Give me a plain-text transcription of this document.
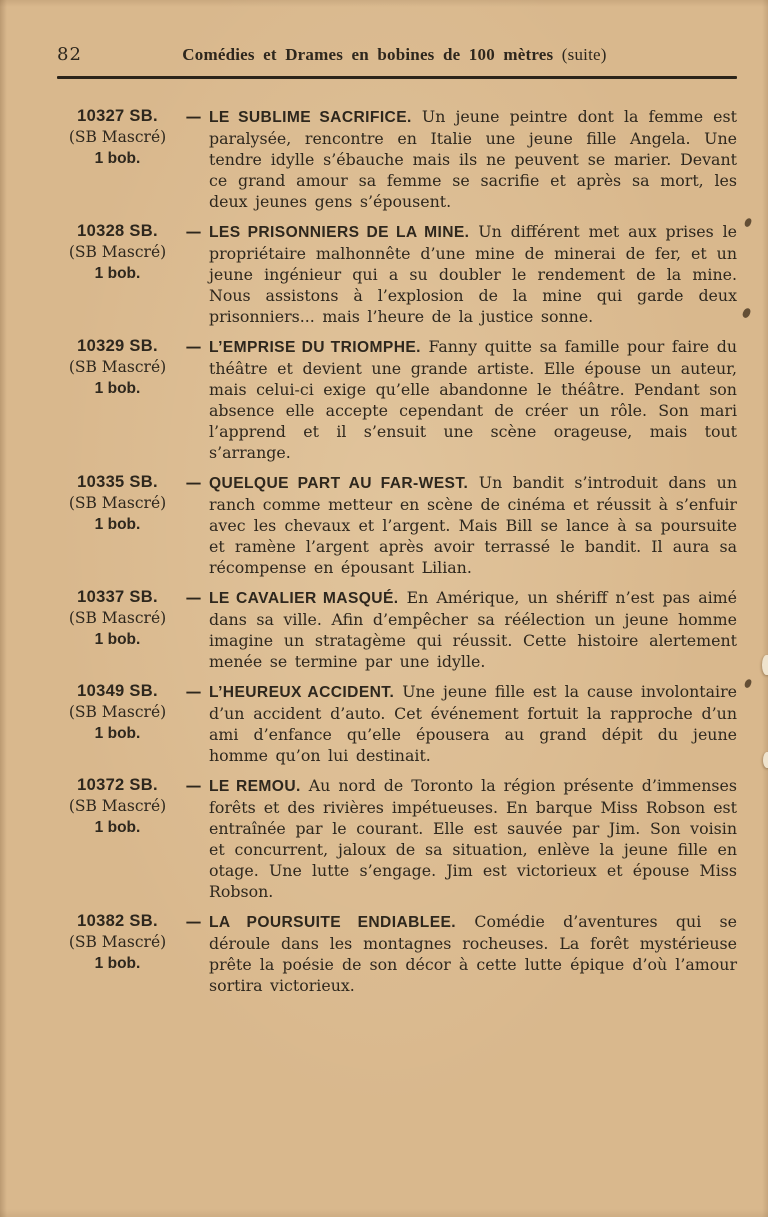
82	Comédies et Drames en bobines de 100 mètres (suite)
10327 SB.
(SB Mascré)
1 bob.
— LE SUBLIME SACRIFICE. Un jeune peintre dont la femme est paralysée, rencontre en Italie une jeune fille Angela. Une tendre idylle s’ébauche mais ils ne peuvent se marier. Devant ce grand amour sa femme se sacrifie et après sa mort, les deux jeunes gens s’épousent.
10328 SB.
(SB Mascré)
1 bob.
— LES PRISONNIERS DE LA MINE. Un différent met aux prises le propriétaire malhonnête d’une mine de minerai de fer, et un jeune ingénieur qui a su doubler le rendement de la mine. Nous assistons à l’explosion de la mine qui garde deux prisonniers... mais l’heure de la justice sonne.
10329 SB.
(SB Mascré)
1 bob.
— L’EMPRISE DU TRIOMPHE. Fanny quitte sa famille pour faire du théâtre et devient une grande artiste. Elle épouse un auteur, mais celui-ci exige qu’elle abandonne le théâtre. Pendant son absence elle accepte cependant de créer un rôle. Son mari l’apprend et il s’ensuit une scène orageuse, mais tout s’arrange.
10335 SB.
(SB Mascré)
1 bob.
— QUELQUE PART AU FAR-WEST. Un bandit s’introduit dans un ranch comme metteur en scène de cinéma et réussit à s’enfuir avec les chevaux et l’argent. Mais Bill se lance à sa poursuite et ramène l’argent après avoir terrassé le bandit. Il aura sa récompense en épousant Lilian.
10337 SB.
(SB Mascré)
1 bob.
— LE CAVALIER MASQUÉ. En Amérique, un shériff n’est pas aimé dans sa ville. Afin d’empêcher sa réélection un jeune homme imagine un stratagème qui réussit. Cette histoire alertement menée se termine par une idylle.
10349 SB.
(SB Mascré)
1 bob.
— L’HEUREUX ACCIDENT. Une jeune fille est la cause involontaire d’un accident d’auto. Cet événement fortuit la rapproche d’un ami d’enfance qu’elle épousera au grand dépit du jeune homme qu’on lui destinait.
10372 SB.
(SB Mascré)
1 bob.
— LE REMOU. Au nord de Toronto la région présente d’immenses forêts et des rivières impétueuses. En barque Miss Robson est entraînée par le courant. Elle est sauvée par Jim. Son voisin et concurrent, jaloux de sa situation, enlève la jeune fille en otage. Une lutte s’engage. Jim est victorieux et épouse Miss Robson.
10382 SB.
(SB Mascré)
1 bob.
— LA POURSUITE ENDIABLEE. Comédie d’aventures qui se déroule dans les montagnes rocheuses. La forêt mystérieuse prête la poésie de son décor à cette lutte épique d’où l’amour sortira victorieux.
